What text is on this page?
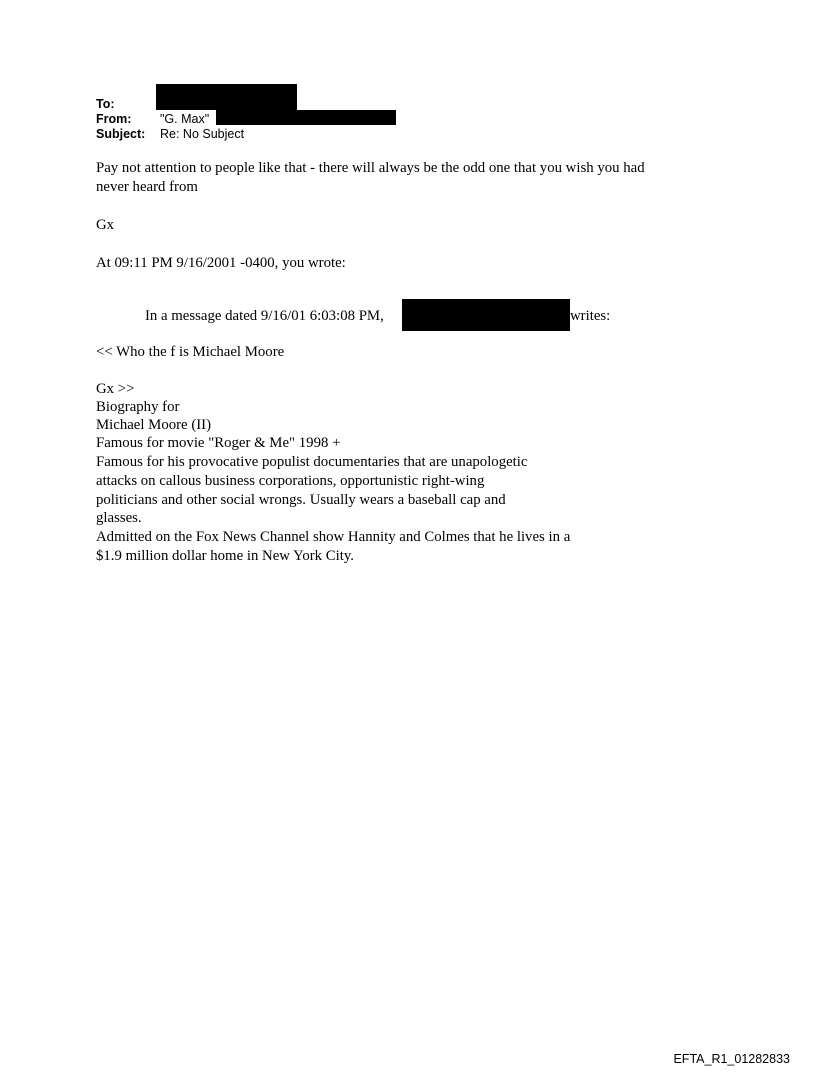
To:
From: "G. Max"
Subject: Re: No Subject
Pay not attention to people like that - there will always be the odd one that you wish you had
never heard from
Gx
At 09:11 PM 9/16/2001 -0400, you wrote:
In a message dated 9/16/01 6:03:08 PM,	writes:
<< Who the f is Michael Moore
Gx >>
Biography for
Michael Moore (II)
Famous for movie "Roger & Me" 1998 +
Famous for his provocative populist documentaries that are unapologetic
attacks on callous business corporations, opportunistic right-wing
politicians and other social wrongs. Usually wears a baseball cap and
glasses.
Admitted on the Fox News Channel show Hannity and Colmes that he lives in a
$1.9 million dollar home in New York City.
EFTA_R1_01282833
